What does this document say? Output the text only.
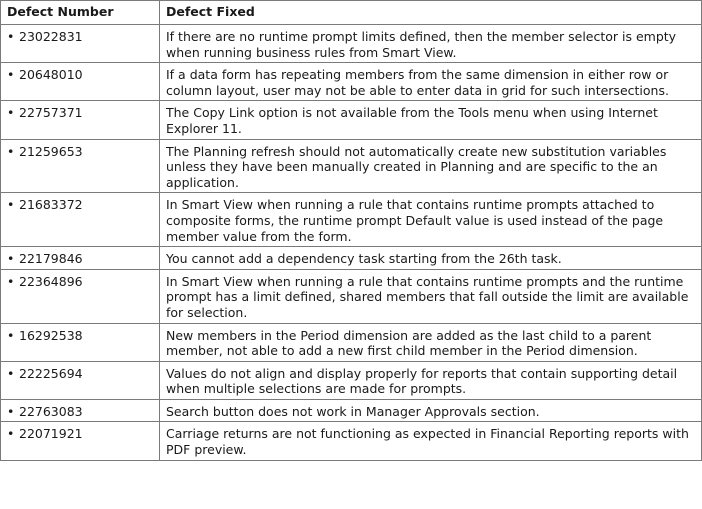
Defect Number	Defect Fixed
• 23022831	If there are no runtime prompt limits defined, then the member selector is empty when running business rules from Smart View.
• 20648010	If a data form has repeating members from the same dimension in either row or column layout, user may not be able to enter data in grid for such intersections.
• 22757371	The Copy Link option is not available from the Tools menu when using Internet Explorer 11.
• 21259653	The Planning refresh should not automatically create new substitution variables unless they have been manually created in Planning and are specific to the an application.
• 21683372	In Smart View when running a rule that contains runtime prompts attached to composite forms, the runtime prompt Default value is used instead of the page member value from the form.
• 22179846	You cannot add a dependency task starting from the 26th task.
• 22364896	In Smart View when running a rule that contains runtime prompts and the runtime prompt has a limit defined, shared members that fall outside the limit are available for selection.
• 16292538	New members in the Period dimension are added as the last child to a parent member, not able to add a new first child member in the Period dimension.
• 22225694	Values do not align and display properly for reports that contain supporting detail when multiple selections are made for prompts.
• 22763083	Search button does not work in Manager Approvals section.
• 22071921	Carriage returns are not functioning as expected in Financial Reporting reports with PDF preview.
